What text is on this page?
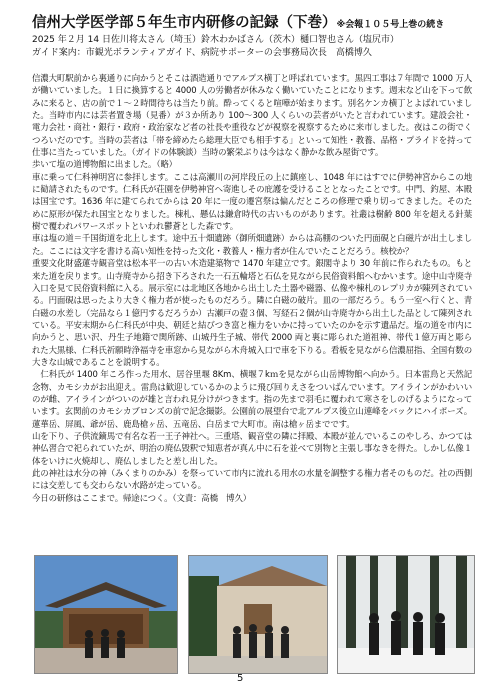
信州大学医学部５年生市内研修の記録（下巻）※会報１０５号上巻の続き
2025 年２月 14 日佐川将太さん（埼玉）鈴木わかばさん（茨木）樋口智也さん（塩尻市）
ガイド案内：市観光ボランティアガイド、病院サポーターの会事務局次長　高橋博久

信濃大町駅前から裏通りに向かうとそこは酒造通りでアルプス横丁と呼ばれています。黒四工事は７年間で 1000 万人が働いていました。１日に換算すると 4000 人の労働者が休みなく働いていたことになります。週末など山を下って飲みに来ると、店の前で１〜２時間待ちは当たり前。酔ってくると喧嘩が始まります。別名ケンカ横丁とよばれていました。当時市内には芸者置き場（見番）が３か所あり 100〜300 人くらいの芸者がいたと言われています。建設会社・電力会社・商社・銀行・政府・政治家など者の社長や重役などが視察を視察するために来市しました。夜はこの街でくつろいだのです。当時の芸者は「帯を締めたら総理大臣でも相手する」といって知性・教養、品格・プライドを持って仕事に当たっていました。（ガイドの体験談）当時の繁栄ぶりは今はなく静かな飲み屋街です。

歩いて塩の道博物館に出ました。（略）

車に乗って仁科神明宮に参拝します。ここは高瀬川の河岸段丘の上に鎮座し、1048 年にはすでに伊勢神宮からこの地に勧請されたものです。仁科氏が荘園を伊勢神宮へ寄進しその庇護を受けることとなったことです。中門、釣屋、本殿は国宝です。1636 年に建てられてからは 20 年に一度の遷宮祭は偏んだところの修理で乗り切ってきました。そのために原形が保たれ国宝となりました。棟札、懸仏は鎌倉時代の古いものがあります。社叢は樹齢 800 年を超える針葉樹で覆われパワースポットといわれ鬱蒼とした森です。

車は塩の道＝千国街道を北上します。途中五十畑遺跡（御所畑遺跡）からは高棚のついた円面硯と白磁片が出土しました。ここには文字を書ける高い知性を持った文化・教養人・権力者が住んでいたことだろう。核校か？

重要文化財盛蓮寺観音堂は松本平一の古い木造建築物で 1470 年建立です。銀閣寺より 30 年前に作られたもの。もと来た道を戻ります。山寺廃寺から招き下ろされた一石五輪塔と石仏を見ながら民俗資料館へむかいます。途中山寺廃寺入口を見て民俗資料館に入る。展示室には北地区各地から出土した土器や磁器、仏像や棟札のレプリカが陳列されている。円面硯は思ったより大きく権力者が使ったものだろう。隣に白磁の破片。皿の一部だろう。もう一室へ行くと、青白磁の水差し（完品なら１億円するだろうか）古瀬戸の壺３個、写経石２個が山寺廃寺から出土した品として陳列されている。平安末期から仁科氏が中央、朝廷と結びつき富と権力をいかに持っていたのかを示す遺品だ。塩の道を市内に向かうと、思い沢、丹生子地籍で関所跡、山城丹生子城、帯代 2000 両と裏に彫られた道祖神、帯代１億万両と彫られた大黒様、仁科氏祈願時浄福寺を車窓から見ながら木舟城入口で車を下りる。看板を見ながら信濃屈指、全国有数の大きな山城であることを説明する。

　仁科氏が 1400 年ころ作った用水、居谷里堰 8Km、横堰７kｍを見ながら山岳博物館へ向かう。日本雷鳥と天然記念物、カモシカがお出迎え。雷鳥は歓迎しているかのように飛び回りえさをついばんでいます。アイラインがかわいいのが雌、アイラインがついのが雄と言われ見分けがつきます。指の先まで羽毛に覆われて寒さをしのげるようになっています。玄関前のカモシカブロンズの前で記念撮影。公園前の展望台で北アルプス後立山連峰をバックにハイポーズ。蓮華岳、屏風、爺が岳、鹿島槍ヶ岳、五竜岳、白岳まで大町市。南は槍ヶ岳までです。

山を下り、子供流鏑馬で有名な若一王子神社へ。三重塔、観音堂の隣に拝殿、本殿が並んでいるこのやしろ、かつては神仏習合で祀られていたが、明治の廃仏毀釈で知恵者が真ん中に石を並べて別物と主張し事なきを得た。しかし仏像１体をいけに火焼却し、廃仏しましたと差し出した。

此の神社は水分の神（みくまりのかみ）を祭っていて市内に流れる用水の水量を調整する権力者そのものだ。社の西側には交差しても交わらない水路が走っている。

今日の研修はここまで。帰途につく。（文責：高橋　博久）

5
